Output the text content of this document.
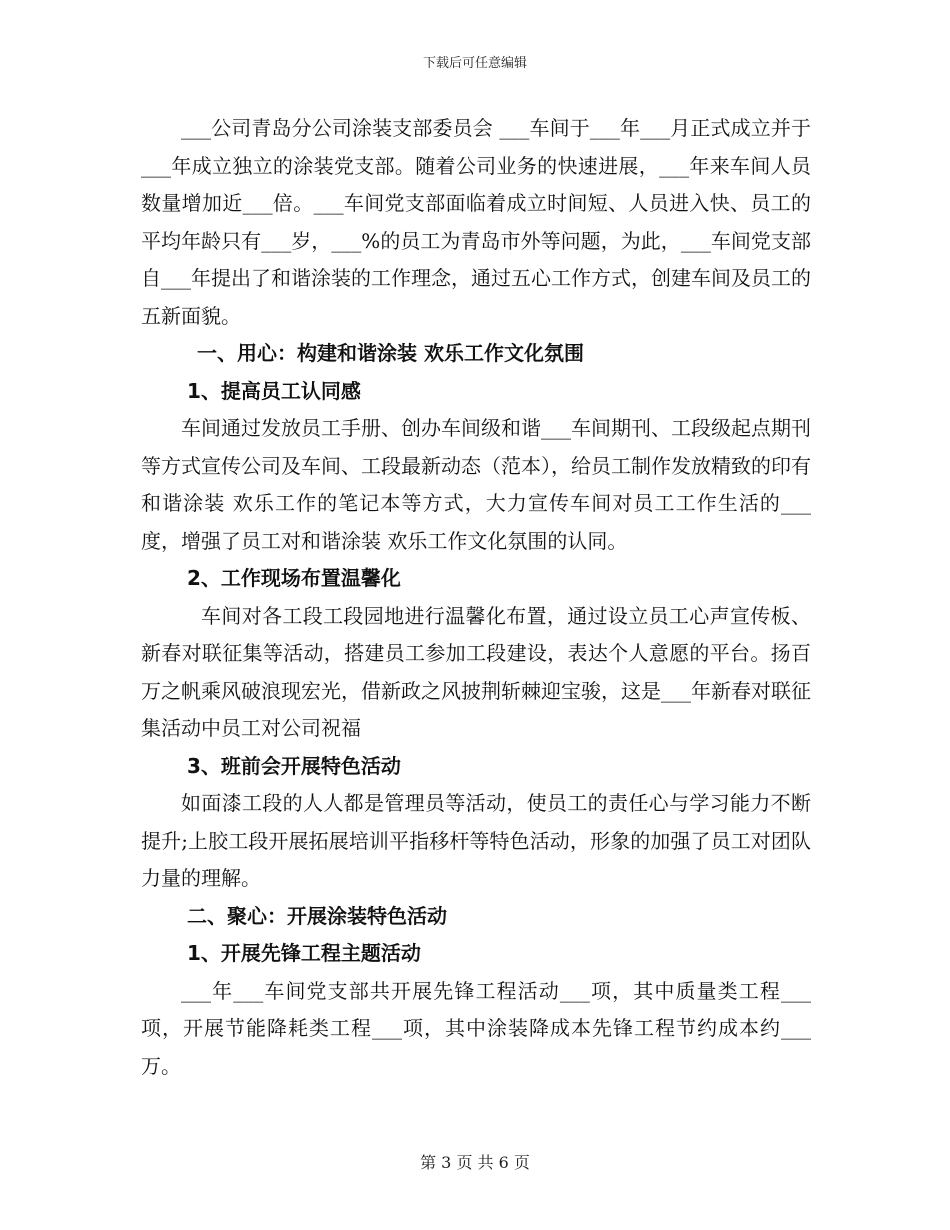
下载后可任意编辑

___公司青岛分公司涂装支部委员会 ___车间于___年___月正式成立并于___年成立独立的涂装党支部。随着公司业务的快速进展，___年来车间人员数量增加近___倍。___车间党支部面临着成立时间短、人员进入快、员工的平均年龄只有___岁，___%的员工为青岛市外等问题，为此，___车间党支部自___年提出了和谐涂装的工作理念，通过五心工作方式，创建车间及员工的五新面貌。

一、用心：构建和谐涂装 欢乐工作文化氛围

1、提高员工认同感

车间通过发放员工手册、创办车间级和谐___车间期刊、工段级起点期刊等方式宣传公司及车间、工段最新动态（范本），给员工制作发放精致的印有和谐涂装 欢乐工作的笔记本等方式，大力宣传车间对员工工作生活的___度，增强了员工对和谐涂装 欢乐工作文化氛围的认同。

2、工作现场布置温馨化

车间对各工段工段园地进行温馨化布置，通过设立员工心声宣传板、新春对联征集等活动，搭建员工参加工段建设，表达个人意愿的平台。扬百万之帆乘风破浪现宏光，借新政之风披荆斩棘迎宝骏，这是___年新春对联征集活动中员工对公司祝福

3、班前会开展特色活动

如面漆工段的人人都是管理员等活动，使员工的责任心与学习能力不断提升;上胶工段开展拓展培训平指移杆等特色活动，形象的加强了员工对团队力量的理解。

二、聚心：开展涂装特色活动

1、开展先锋工程主题活动

___年___车间党支部共开展先锋工程活动___项，其中质量类工程___项，开展节能降耗类工程___项，其中涂装降成本先锋工程节约成本约___万。

第 3 页 共 6 页
